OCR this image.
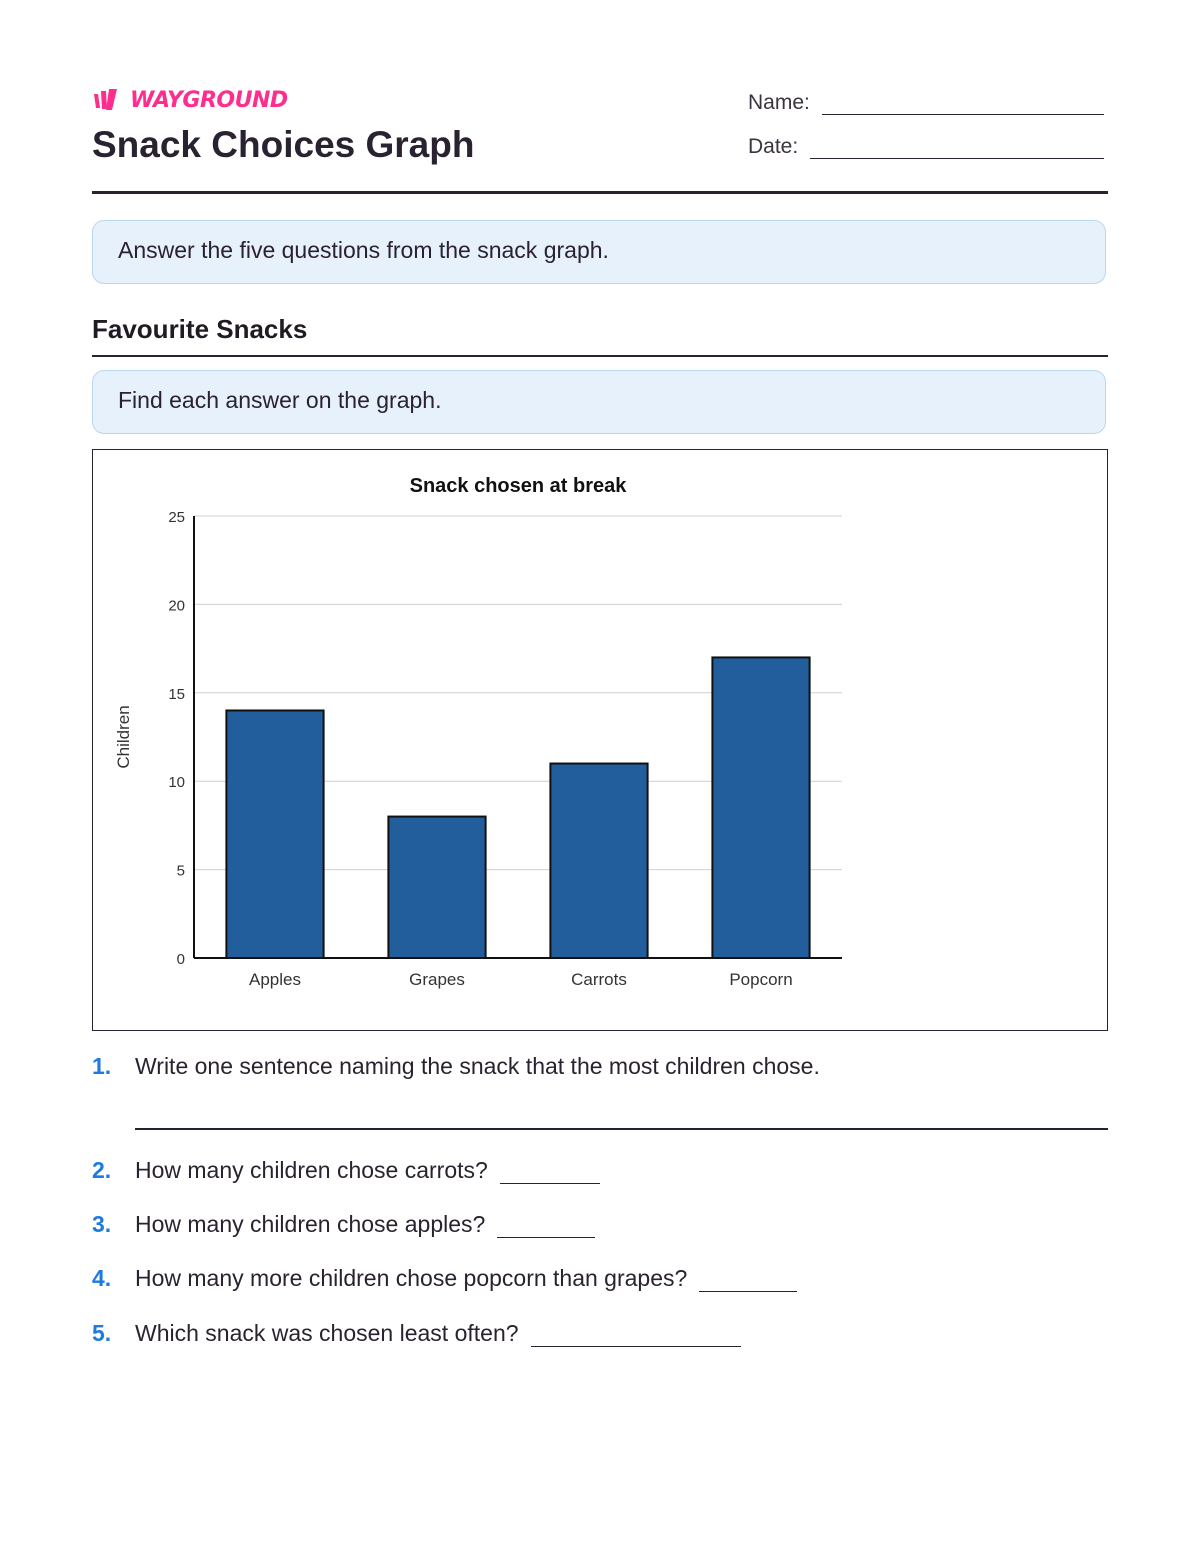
WAYGROUND
Snack Choices Graph
Name:
Date:
Answer the five questions from the snack graph.
Favourite Snacks
Find each answer on the graph.
Snack chosen at break
Children
0
5
10
15
20
25
Apples	Grapes	Carrots	Popcorn
1.	Write one sentence naming the snack that the most children chose.
2.	How many children chose carrots?
3.	How many children chose apples?
4.	How many more children chose popcorn than grapes?
5.	Which snack was chosen least often?
